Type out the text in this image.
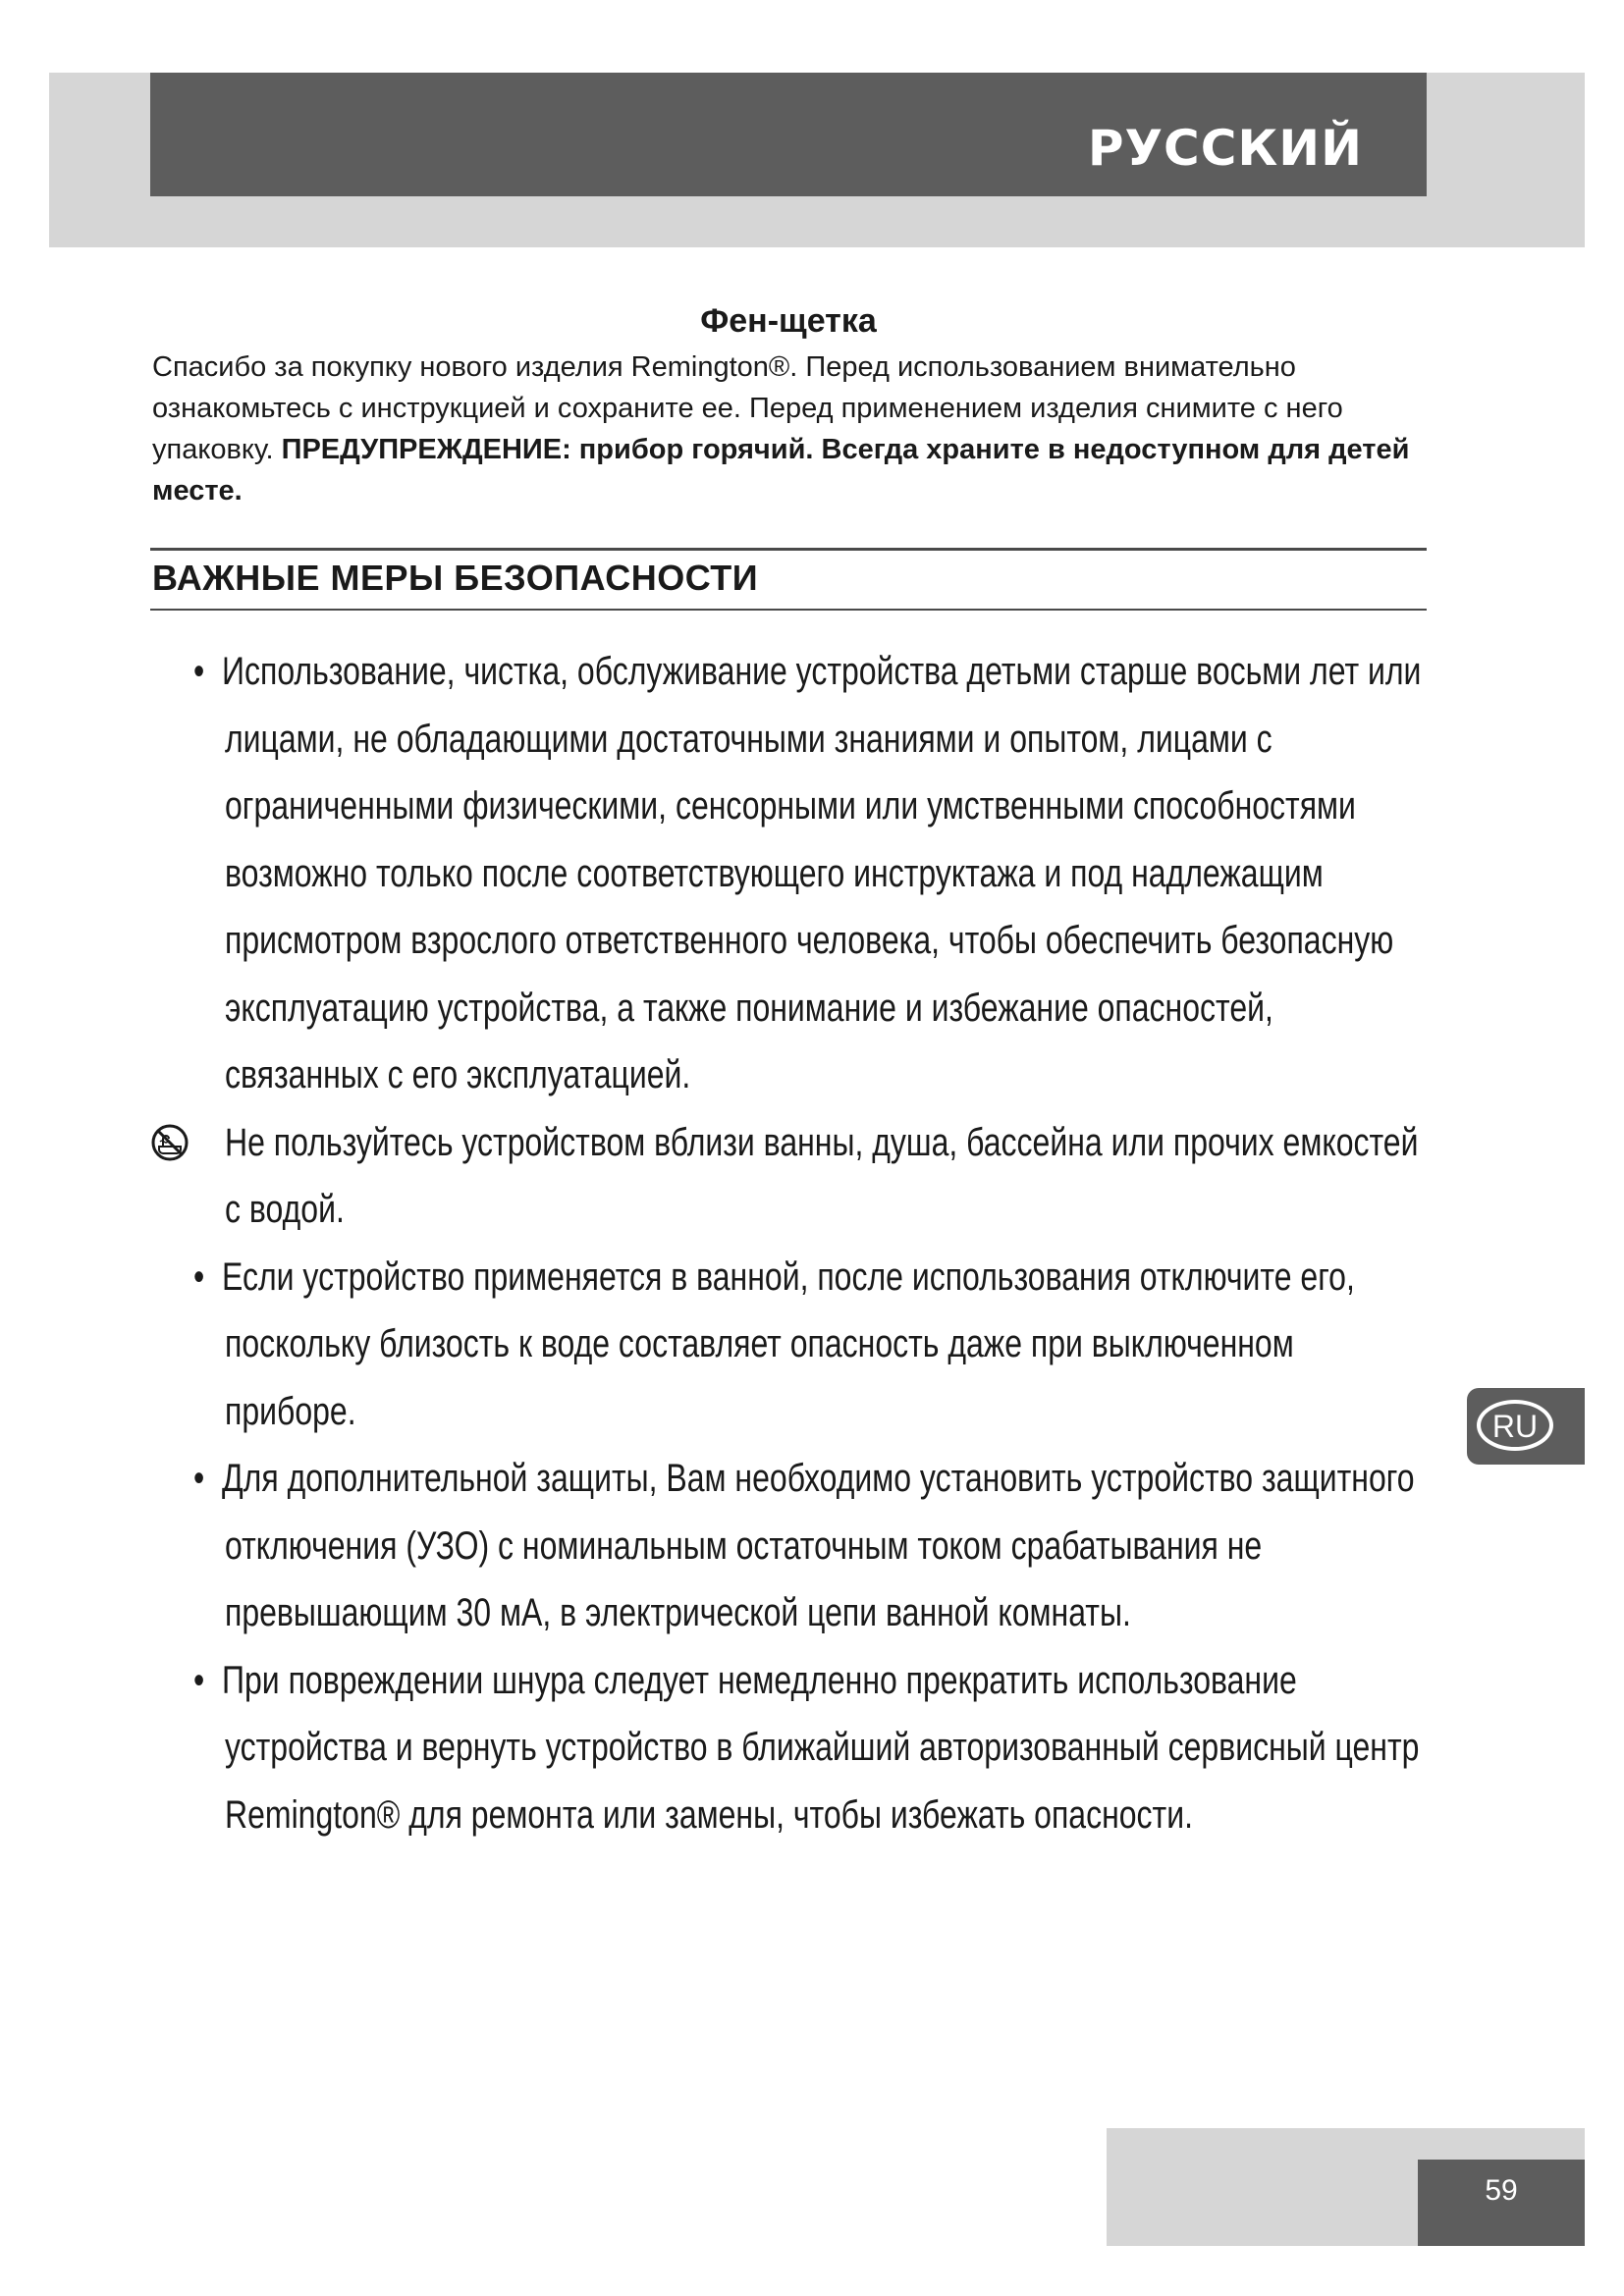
РУССКИЙ
Фен-щетка
Спасибо за покупку нового изделия Remington®. Перед использованием внимательно ознакомьтесь с инструкцией и сохраните ее. Перед применением изделия снимите с него упаковку. ПРЕДУПРЕЖДЕНИЕ: прибор горячий. Всегда храните в недоступном для детей месте.
ВАЖНЫЕ МЕРЫ БЕЗОПАСНОСТИ
• Использование, чистка, обслуживание устройства детьми старше восьми лет или лицами, не обладающими достаточными знаниями и опытом, лицами с ограниченными физическими, сенсорными или умственными способностями возможно только после соответствующего инструктажа и под надлежащим присмотром взрослого ответственного человека, чтобы обеспечить безопасную эксплуатацию устройства, а также понимание и избежание опасностей, связанных с его эксплуатацией.
Не пользуйтесь устройством вблизи ванны, душа, бассейна или прочих емкостей с водой.
• Если устройство применяется в ванной, после использования отключите его, поскольку близость к воде составляет опасность даже при выключенном приборе.
• Для дополнительной защиты, Вам необходимо установить устройство защитного отключения (УЗО) с номинальным остаточным током срабатывания не превышающим 30 мА, в электрической цепи ванной комнаты.
• При повреждении шнура следует немедленно прекратить использование устройства и вернуть устройство в ближайший авторизованный сервисный центр Remington® для ремонта или замены, чтобы избежать опасности.
RU
59
